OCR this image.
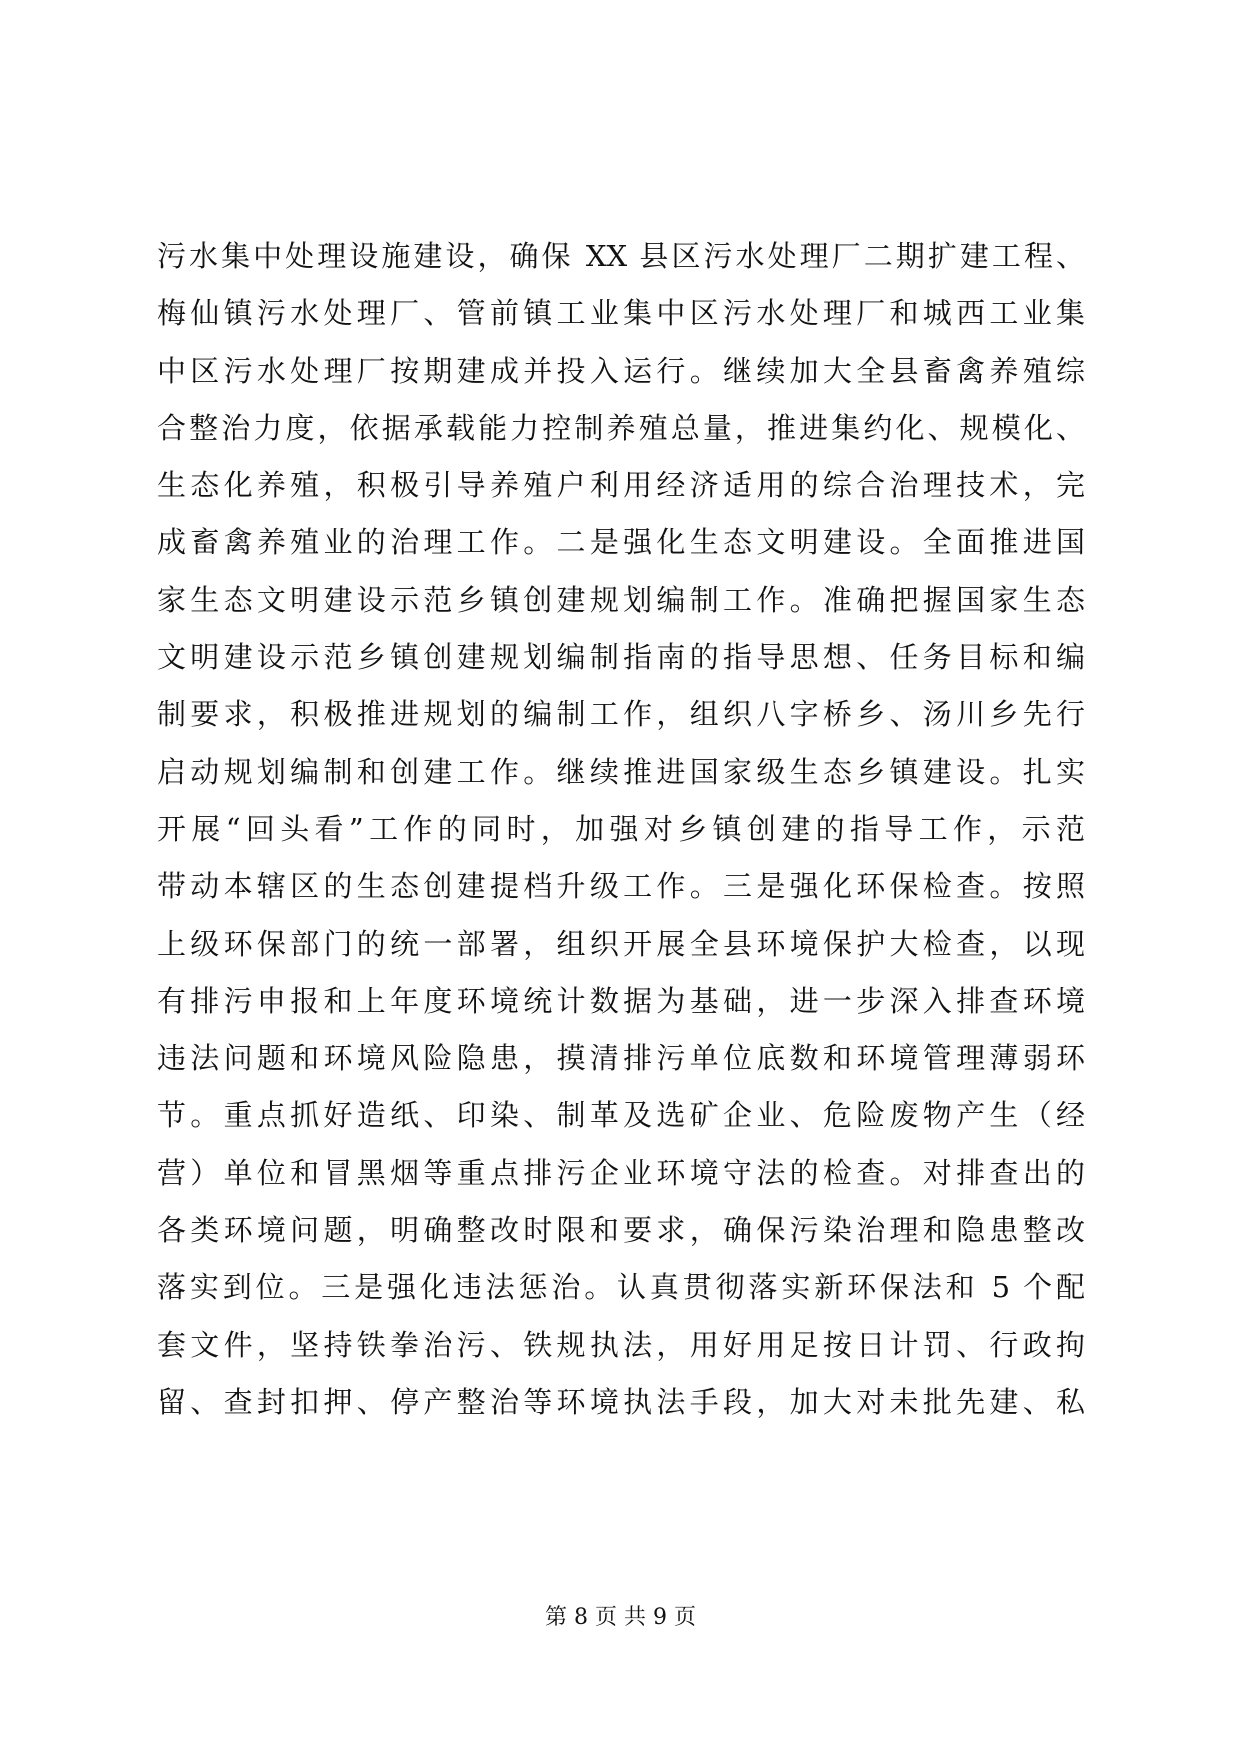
污水集中处理设施建设，确保 XX 县区污水处理厂二期扩建工程、
梅仙镇污水处理厂、管前镇工业集中区污水处理厂和城西工业集
中区污水处理厂按期建成并投入运行。继续加大全县畜禽养殖综
合整治力度，依据承载能力控制养殖总量，推进集约化、规模化、
生态化养殖，积极引导养殖户利用经济适用的综合治理技术，完
成畜禽养殖业的治理工作。二是强化生态文明建设。全面推进国
家生态文明建设示范乡镇创建规划编制工作。准确把握国家生态
文明建设示范乡镇创建规划编制指南的指导思想、任务目标和编
制要求，积极推进规划的编制工作，组织八字桥乡、汤川乡先行
启动规划编制和创建工作。继续推进国家级生态乡镇建设。扎实
开展“回头看”工作的同时，加强对乡镇创建的指导工作，示范
带动本辖区的生态创建提档升级工作。三是强化环保检查。按照
上级环保部门的统一部署，组织开展全县环境保护大检查，以现
有排污申报和上年度环境统计数据为基础，进一步深入排查环境
违法问题和环境风险隐患，摸清排污单位底数和环境管理薄弱环
节。重点抓好造纸、印染、制革及选矿企业、危险废物产生（经
营）单位和冒黑烟等重点排污企业环境守法的检查。对排查出的
各类环境问题，明确整改时限和要求，确保污染治理和隐患整改
落实到位。三是强化违法惩治。认真贯彻落实新环保法和 5 个配
套文件，坚持铁拳治污、铁规执法，用好用足按日计罚、行政拘
留、查封扣押、停产整治等环境执法手段，加大对未批先建、私
第 8 页 共 9 页
